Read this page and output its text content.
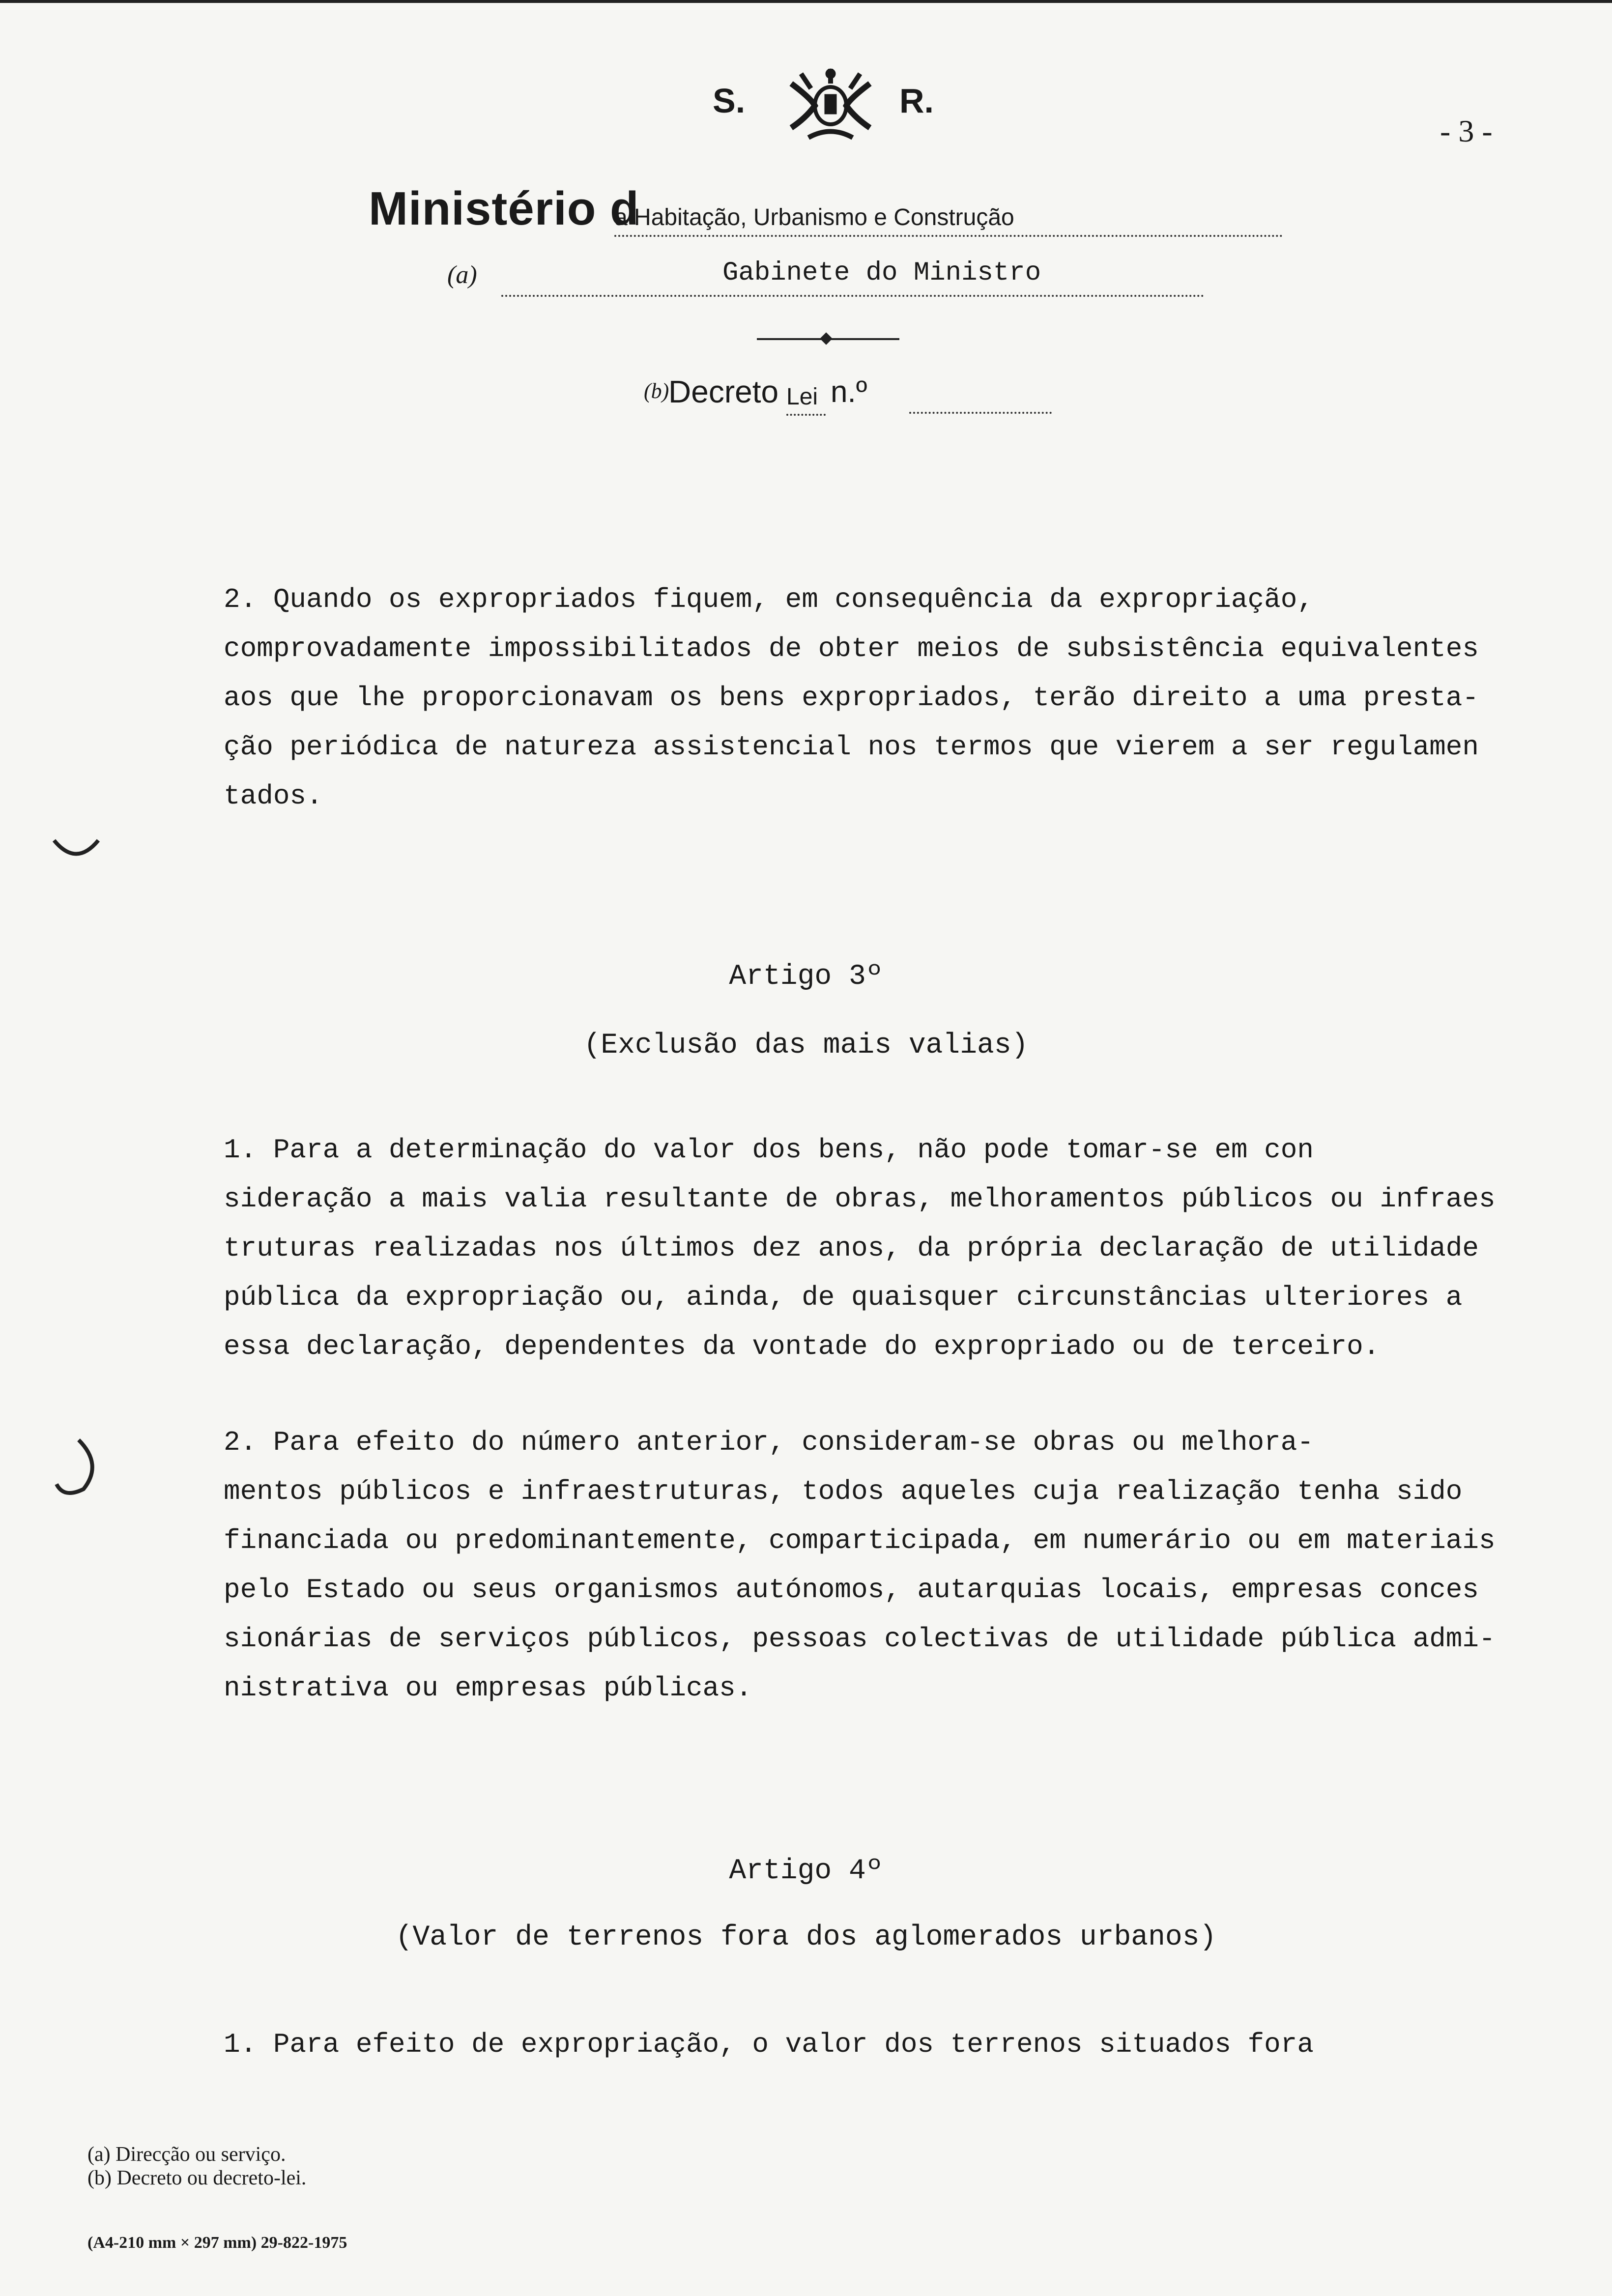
S.	R.
- 3 -
Ministério d
a Habitação, Urbanismo e Construção
(a)	Gabinete do Ministro
(b)
Decreto Lei n.º
2. Quando os expropriados fiquem, em consequência da expropriação,
comprovadamente impossibilitados de obter meios de subsistência equivalentes
aos que lhe proporcionavam os bens expropriados, terão direito a uma presta-
ção periódica de natureza assistencial nos termos que vierem a ser regulamen
tados.
Artigo 3º
(Exclusão das mais valias)
1. Para a determinação do valor dos bens, não pode tomar-se em con
sideração a mais valia resultante de obras, melhoramentos públicos ou infraes
truturas realizadas nos últimos dez anos, da própria declaração de utilidade
pública da expropriação ou, ainda, de quaisquer circunstâncias ulteriores a
essa declaração, dependentes da vontade do expropriado ou de terceiro.
2. Para efeito do número anterior, consideram-se obras ou melhora-
mentos públicos e infraestruturas, todos aqueles cuja realização tenha sido
financiada ou predominantemente, comparticipada, em numerário ou em materiais
pelo Estado ou seus organismos autónomos, autarquias locais, empresas conces
sionárias de serviços públicos, pessoas colectivas de utilidade pública admi-
nistrativa ou empresas públicas.
Artigo 4º
(Valor de terrenos fora dos aglomerados urbanos)
1. Para efeito de expropriação, o valor dos terrenos situados fora
(a) Direcção ou serviço.
(b) Decreto ou decreto-lei.
(A4-210 mm × 297 mm) 29-822-1975
